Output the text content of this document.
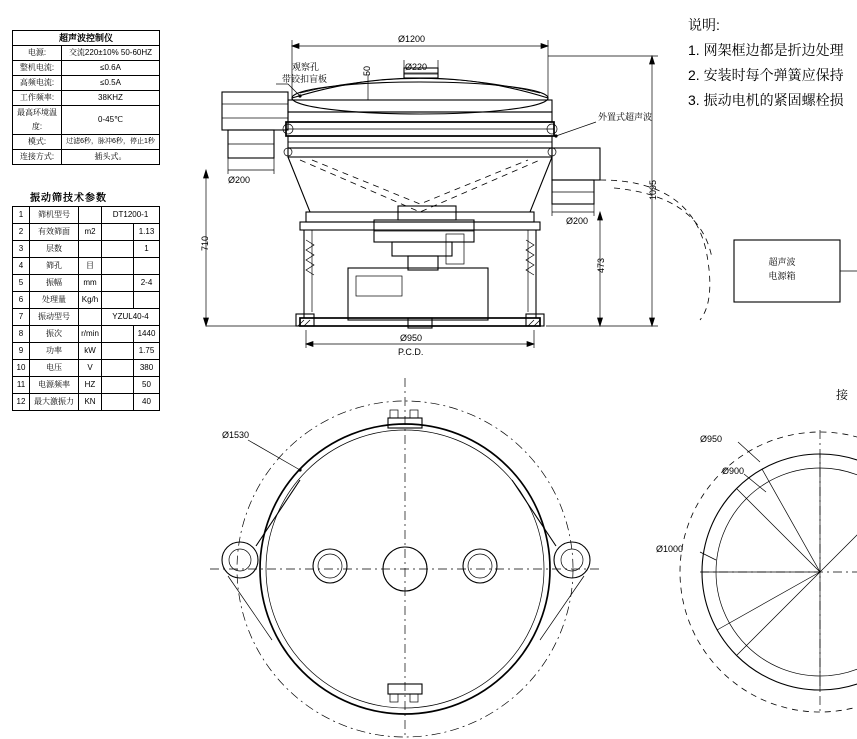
超声波控制仪	
电源:	交流220±10% 50-60HZ
整机电流:	≤0.6A
高频电流:	≤0.5A
工作频率:	38KHZ
最高环境温度:	0-45℃
模式:	过滤6秒，脉冲6秒，停止1秒
连接方式:	插头式。
振动筛技术参数
1	筛机型号		DT1200-1	
2	有效筛面	m2		1.13
3	层数			1
4	筛孔	目		
5	振幅	mm		2-4
6	处理量	Kg/h		
7	振动型号		YZUL40-4	
8	振次	r/min		1440
9	功率	kW		1.75
10	电压	V		380
11	电源频率	HZ		50
12	最大激振力	KN		40
说明:
1. 网架框边都是折边处理
2. 安装时每个弹簧应保持
3. 振动电机的紧固螺栓损
Ø1200
Ø220
50
1095
710
473
Ø950
P.C.D.
Ø200
Ø200
观察孔
带铰扣盲板
外置式超声波
超声波
电源箱
Ø1530	Ø950
Ø900
Ø1000
接
